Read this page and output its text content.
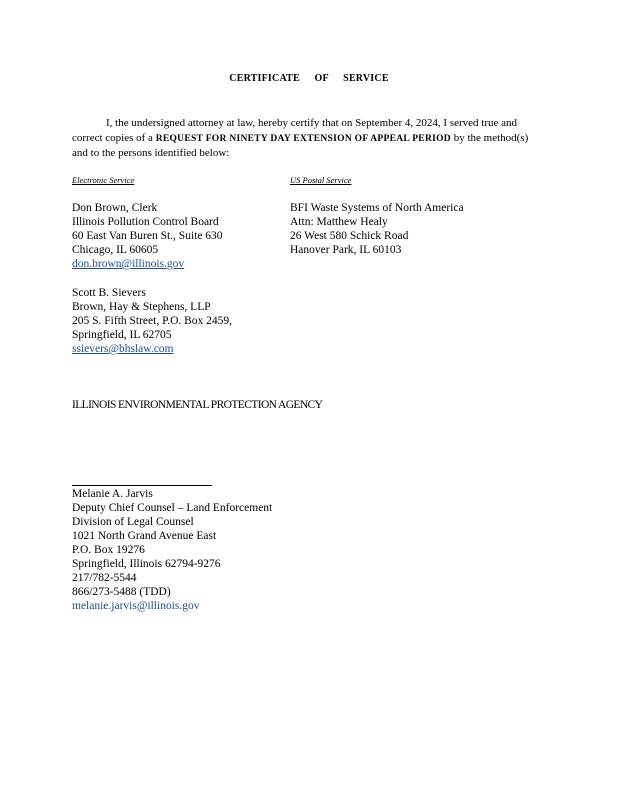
CERTIFICATE OF SERVICE
I, the undersigned attorney at law, hereby certify that on September 4, 2024, I served true and correct copies of a REQUEST FOR NINETY DAY EXTENSION OF APPEAL PERIOD by the method(s) and to the persons identified below:
Electronic Service	US Postal Service
Don Brown, Clerk
Illinois Pollution Control Board
60 East Van Buren St., Suite 630
Chicago, IL 60605
don.brown@illinois.gov
BFI Waste Systems of North America
Attn: Matthew Healy
26 West 580 Schick Road
Hanover Park, IL 60103
Scott B. Sievers
Brown, Hay & Stephens, LLP
205 S. Fifth Street, P.O. Box 2459,
Springfield, IL 62705
ssievers@bhslaw.com
ILLINOIS ENVIRONMENTAL PROTECTION AGENCY
Melanie A. Jarvis
Deputy Chief Counsel – Land Enforcement
Division of Legal Counsel
1021 North Grand Avenue East
P.O. Box 19276
Springfield, Illinois 62794-9276
217/782-5544
866/273-5488 (TDD)
melanie.jarvis@illinois.gov
